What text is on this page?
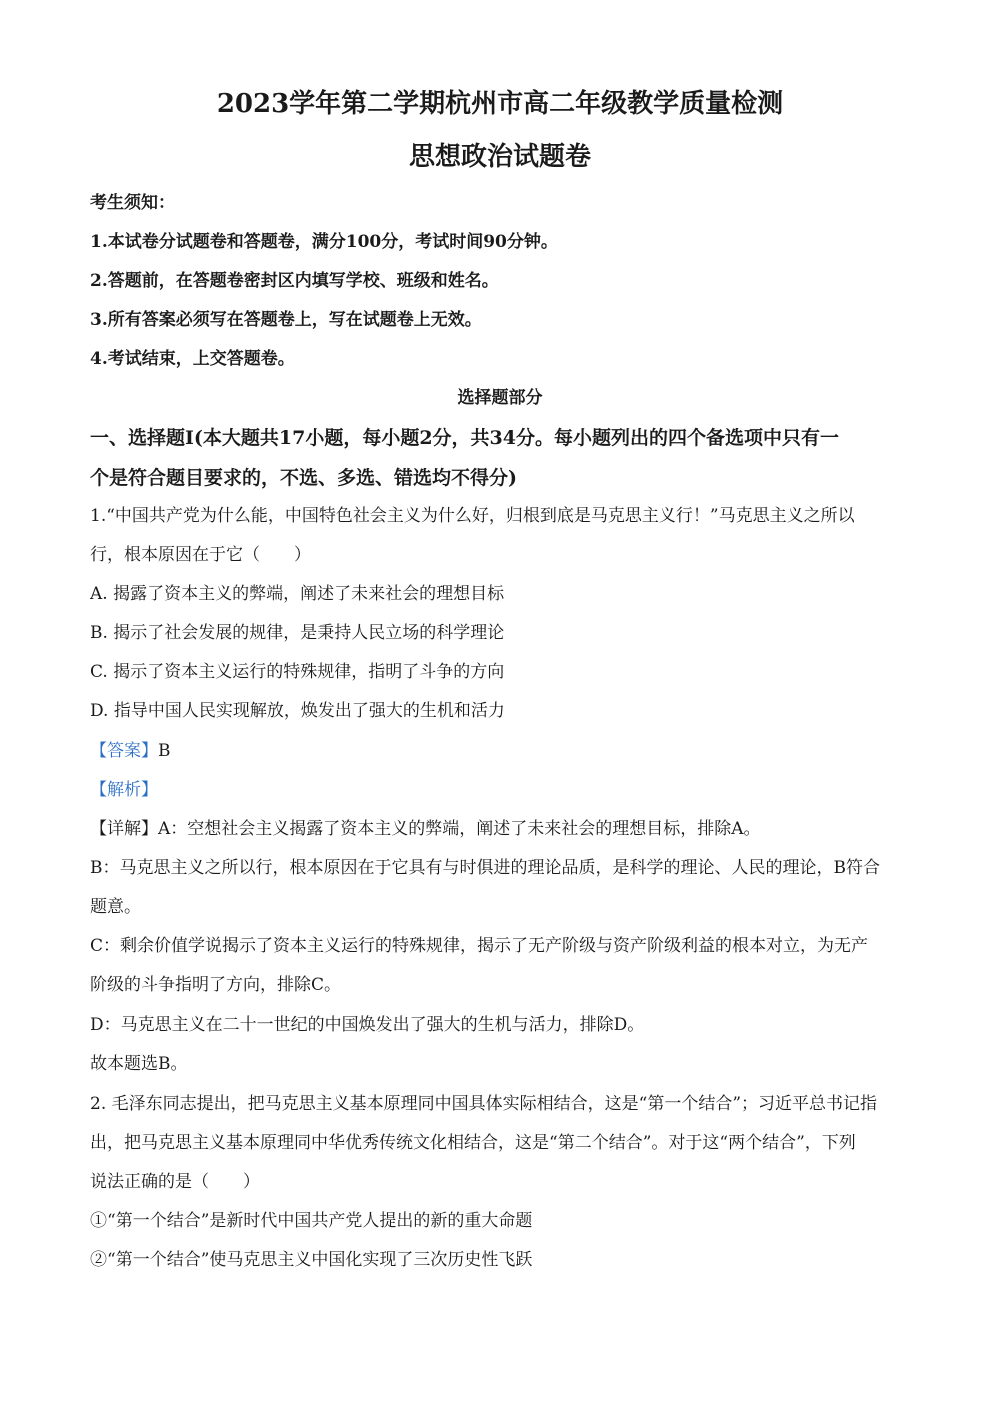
2023学年第二学期杭州市高二年级教学质量检测
思想政治试题卷
考生须知：
1.本试卷分试题卷和答题卷，满分100分，考试时间90分钟。
2.答题前，在答题卷密封区内填写学校、班级和姓名。
3.所有答案必须写在答题卷上，写在试题卷上无效。
4.考试结束，上交答题卷。
选择题部分
一、选择题Ⅰ(本大题共17小题，每小题2分，共34分。每小题列出的四个备选项中只有一
个是符合题目要求的，不选、多选、错选均不得分)
1.“中国共产党为什么能，中国特色社会主义为什么好，归根到底是马克思主义行！”马克思主义之所以
行，根本原因在于它（　　）
A. 揭露了资本主义的弊端，阐述了未来社会的理想目标
B. 揭示了社会发展的规律，是秉持人民立场的科学理论
C. 揭示了资本主义运行的特殊规律，指明了斗争的方向
D. 指导中国人民实现解放，焕发出了强大的生机和活力
【答案】B
【解析】
【详解】A：空想社会主义揭露了资本主义的弊端，阐述了未来社会的理想目标，排除A。
B：马克思主义之所以行，根本原因在于它具有与时俱进的理论品质，是科学的理论、人民的理论，B符合
题意。
C：剩余价值学说揭示了资本主义运行的特殊规律，揭示了无产阶级与资产阶级利益的根本对立，为无产
阶级的斗争指明了方向，排除C。
D：马克思主义在二十一世纪的中国焕发出了强大的生机与活力，排除D。
故本题选B。
2. 毛泽东同志提出，把马克思主义基本原理同中国具体实际相结合，这是“第一个结合”；习近平总书记指
出，把马克思主义基本原理同中华优秀传统文化相结合，这是“第二个结合”。对于这“两个结合”，下列
说法正确的是（　　）
①“第一个结合”是新时代中国共产党人提出的新的重大命题
②“第一个结合”使马克思主义中国化实现了三次历史性飞跃
